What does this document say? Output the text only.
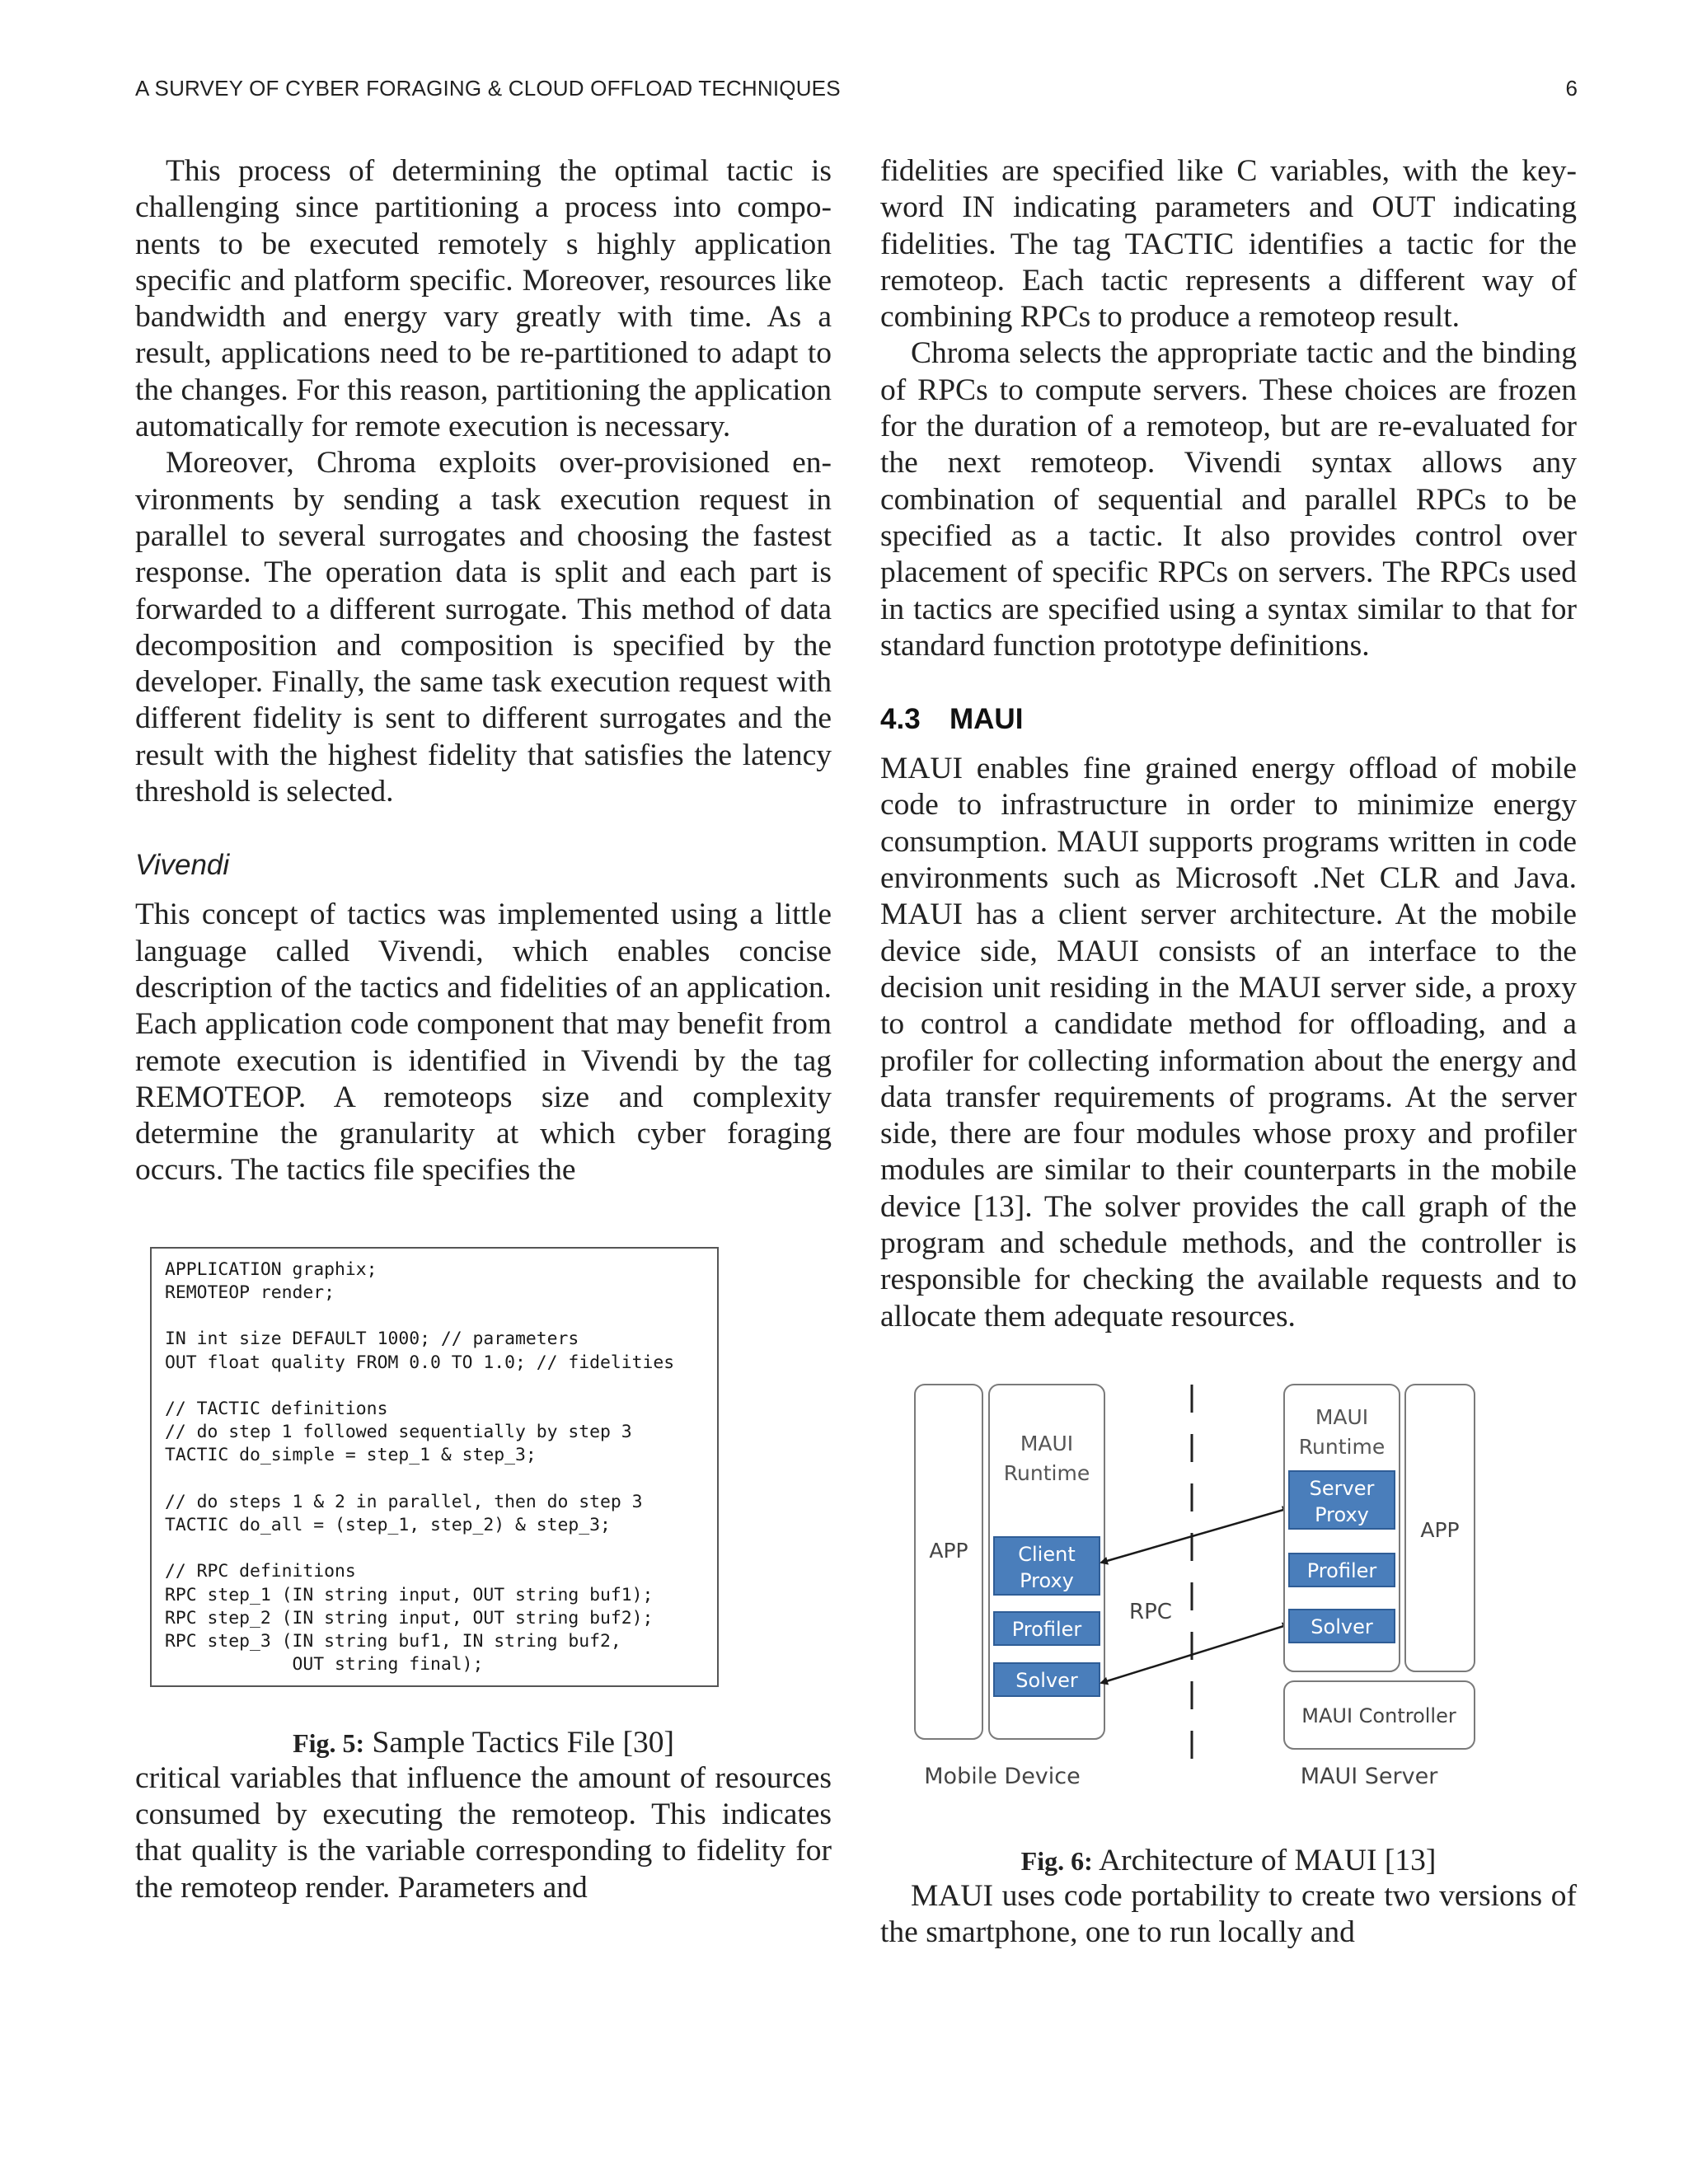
A SURVEY OF CYBER FORAGING & CLOUD OFFLOAD TECHNIQUES	6

This process of determining the optimal tactic is challenging since partitioning a process into components to be executed remotely s highly application specific and platform specific. Moreover, resources like bandwidth and energy vary greatly with time. As a result, applications need to be re-partitioned to adapt to the changes. For this reason, partitioning the application automatically for remote execution is necessary.

Moreover, Chroma exploits over-provisioned environments by sending a task execution request in parallel to several surrogates and choosing the fastest response. The operation data is split and each part is forwarded to a different surrogate. This method of data decomposition and composition is specified by the developer. Finally, the same task execution request with different fidelity is sent to different surrogates and the result with the highest fidelity that satisfies the latency threshold is selected.

Vivendi

This concept of tactics was implemented using a little language called Vivendi, which enables concise description of the tactics and fidelities of an application. Each application code component that may benefit from remote execution is identified in Vivendi by the tag REMOTEOP. A remoteops size and complexity determine the granularity at which cyber foraging occurs. The tactics file specifies the

APPLICATION graphix;
REMOTEOP render;

IN int size DEFAULT 1000; // parameters
OUT float quality FROM 0.0 TO 1.0; // fidelities

// TACTIC definitions
// do step 1 followed sequentially by step 3
TACTIC do_simple = step_1 & step_3;

// do steps 1 & 2 in parallel, then do step 3
TACTIC do_all = (step_1, step_2) & step_3;

// RPC definitions
RPC step_1 (IN string input, OUT string buf1);
RPC step_2 (IN string input, OUT string buf2);
RPC step_3 (IN string buf1, IN string buf2,
OUT string final);

Fig. 5: Sample Tactics File [30]

critical variables that influence the amount of resources consumed by executing the remoteop. This indicates that quality is the variable corresponding to fidelity for the remoteop render. Parameters and

fidelities are specified like C variables, with the keyword IN indicating parameters and OUT indicating fidelities. The tag TACTIC identifies a tactic for the remoteop. Each tactic represents a different way of combining RPCs to produce a remoteop result.

Chroma selects the appropriate tactic and the binding of RPCs to compute servers. These choices are frozen for the duration of a remoteop, but are re-evaluated for the next remoteop. Vivendi syntax allows any combination of sequential and parallel RPCs to be specified as a tactic. It also provides control over placement of specific RPCs on servers. The RPCs used in tactics are specified using a syntax similar to that for standard function prototype definitions.

4.3 MAUI

MAUI enables fine grained energy offload of mobile code to infrastructure in order to minimize energy consumption. MAUI supports programs written in code environments such as Microsoft .Net CLR and Java. MAUI has a client server architecture. At the mobile device side, MAUI consists of an interface to the decision unit residing in the MAUI server side, a proxy to control a candidate method for offloading, and a profiler for collecting information about the energy and data transfer requirements of programs. At the server side, there are four modules whose proxy and profiler modules are similar to their counterparts in the mobile device [13]. The solver provides the call graph of the program and schedule methods, and the controller is responsible for checking the available requests and to allocate them adequate resources.

APP
MAUI
Runtime
Client
Proxy
Profiler
Solver
RPC
MAUI
Runtime
Server
Proxy
Profiler
Solver
APP
MAUI Controller
Mobile Device	MAUI Server
Fig. 6: Architecture of MAUI [13]

MAUI uses code portability to create two versions of the smartphone, one to run locally and
